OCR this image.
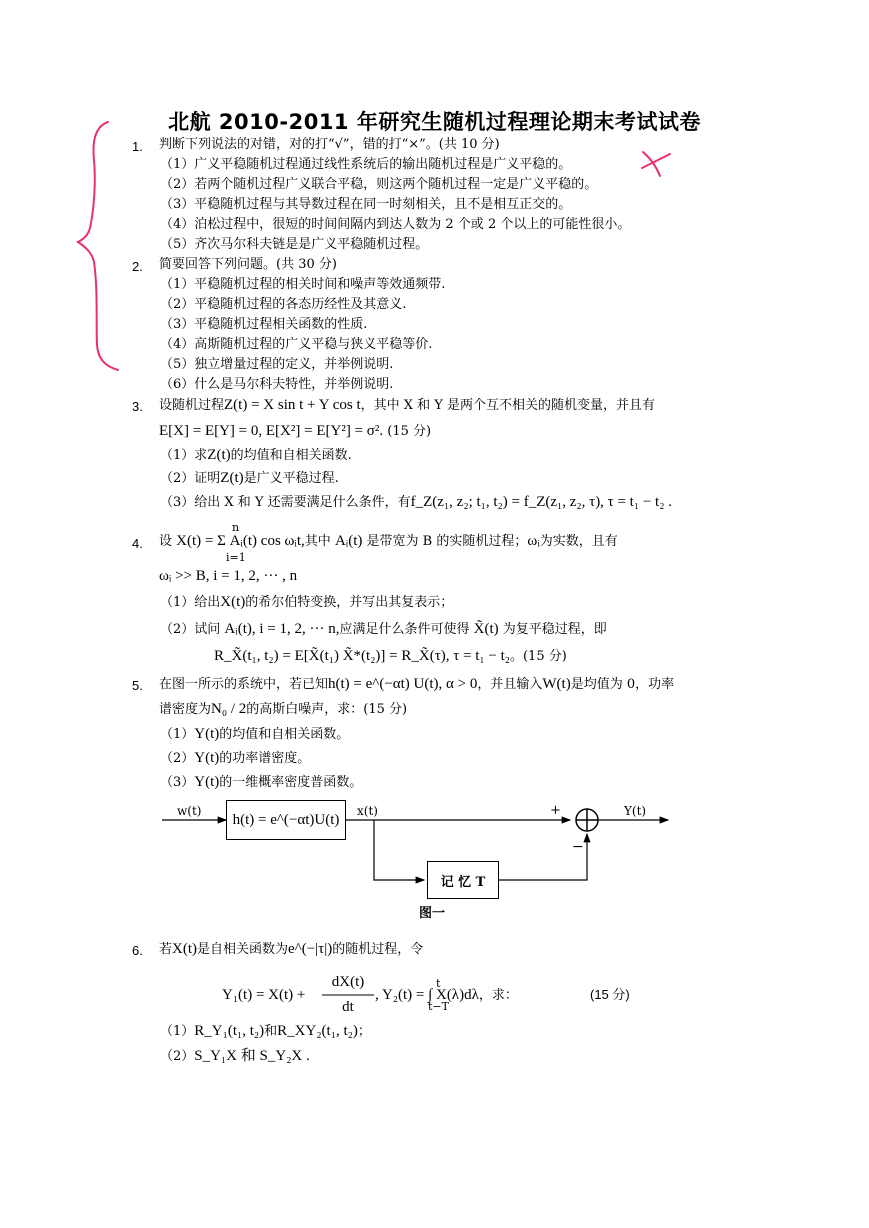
北航 2010-2011 年研究生随机过程理论期末考试试卷
1. 判断下列说法的对错，对的打“√”，错的打“×”。(共 10 分)
（1）广义平稳随机过程通过线性系统后的输出随机过程是广义平稳的。
（2）若两个随机过程广义联合平稳，则这两个随机过程一定是广义平稳的。
（3）平稳随机过程与其导数过程在同一时刻相关，且不是相互正交的。
（4）泊松过程中，很短的时间间隔内到达人数为 2 个或 2 个以上的可能性很小。
（5）齐次马尔科夫链是是广义平稳随机过程。
2. 简要回答下列问题。(共 30 分)
（1）平稳随机过程的相关时间和噪声等效通频带.
（2）平稳随机过程的各态历经性及其意义.
（3）平稳随机过程相关函数的性质.
（4）高斯随机过程的广义平稳与狭义平稳等价.
（5）独立增量过程的定义，并举例说明.
（6）什么是马尔科夫特性，并举例说明.
3. 设随机过程Z(t) = X sin t + Y cos t，其中 X 和 Y 是两个互不相关的随机变量，并且有
E[X] = E[Y] = 0, E[X²] = E[Y²] = σ². (15 分)
（1）求Z(t)的均值和自相关函数.
（2）证明Z(t)是广义平稳过程.
（3）给出 X 和 Y 还需要满足什么条件，有f_Z(z₁, z₂; t₁, t₂) = f_Z(z₁, z₂, τ), τ = t₁ − t₂ .
4.
n
i=1
设 X(t) = Σ Aᵢ(t) cos ωᵢt,其中 Aᵢ(t) 是带宽为 B 的实随机过程；ωᵢ为实数，且有
ωᵢ >> B, i = 1, 2, ··· , n
（1）给出X(t)的希尔伯特变换，并写出其复表示；
（2）试问 Aᵢ(t), i = 1, 2, ··· n,应满足什么条件可使得 X̃(t) 为复平稳过程，即
R_X̃(t₁, t₂) = E[X̃(t₁) X̃*(t₂)] = R_X̃(τ), τ = t₁ − t₂。(15 分)
5. 在图一所示的系统中，若已知h(t) = e^(−αt) U(t), α > 0，并且输入W(t)是均值为 0，功率
谱密度为N₀ / 2的高斯白噪声，求：(15 分)
（1）Y(t)的均值和自相关函数。
（2）Y(t)的功率谱密度。
（3）Y(t)的一维概率密度普函数。
w(t)
h(t) = e^(−αt)U(t)
x(t)	+
−
Y(t)
记 忆 T
图一
6. 若X(t)是自相关函数为e^(−|τ|)的随机过程，令
Y₁(t) = X(t) +
dX(t)
dt
, Y₂(t) = ∫ X(λ)dλ，求：
t
t−T
(15 分)
（1）R_Y₁(t₁, t₂)和R_XY₂(t₁, t₂)；
（2）S_Y₁X 和 S_Y₂X .
